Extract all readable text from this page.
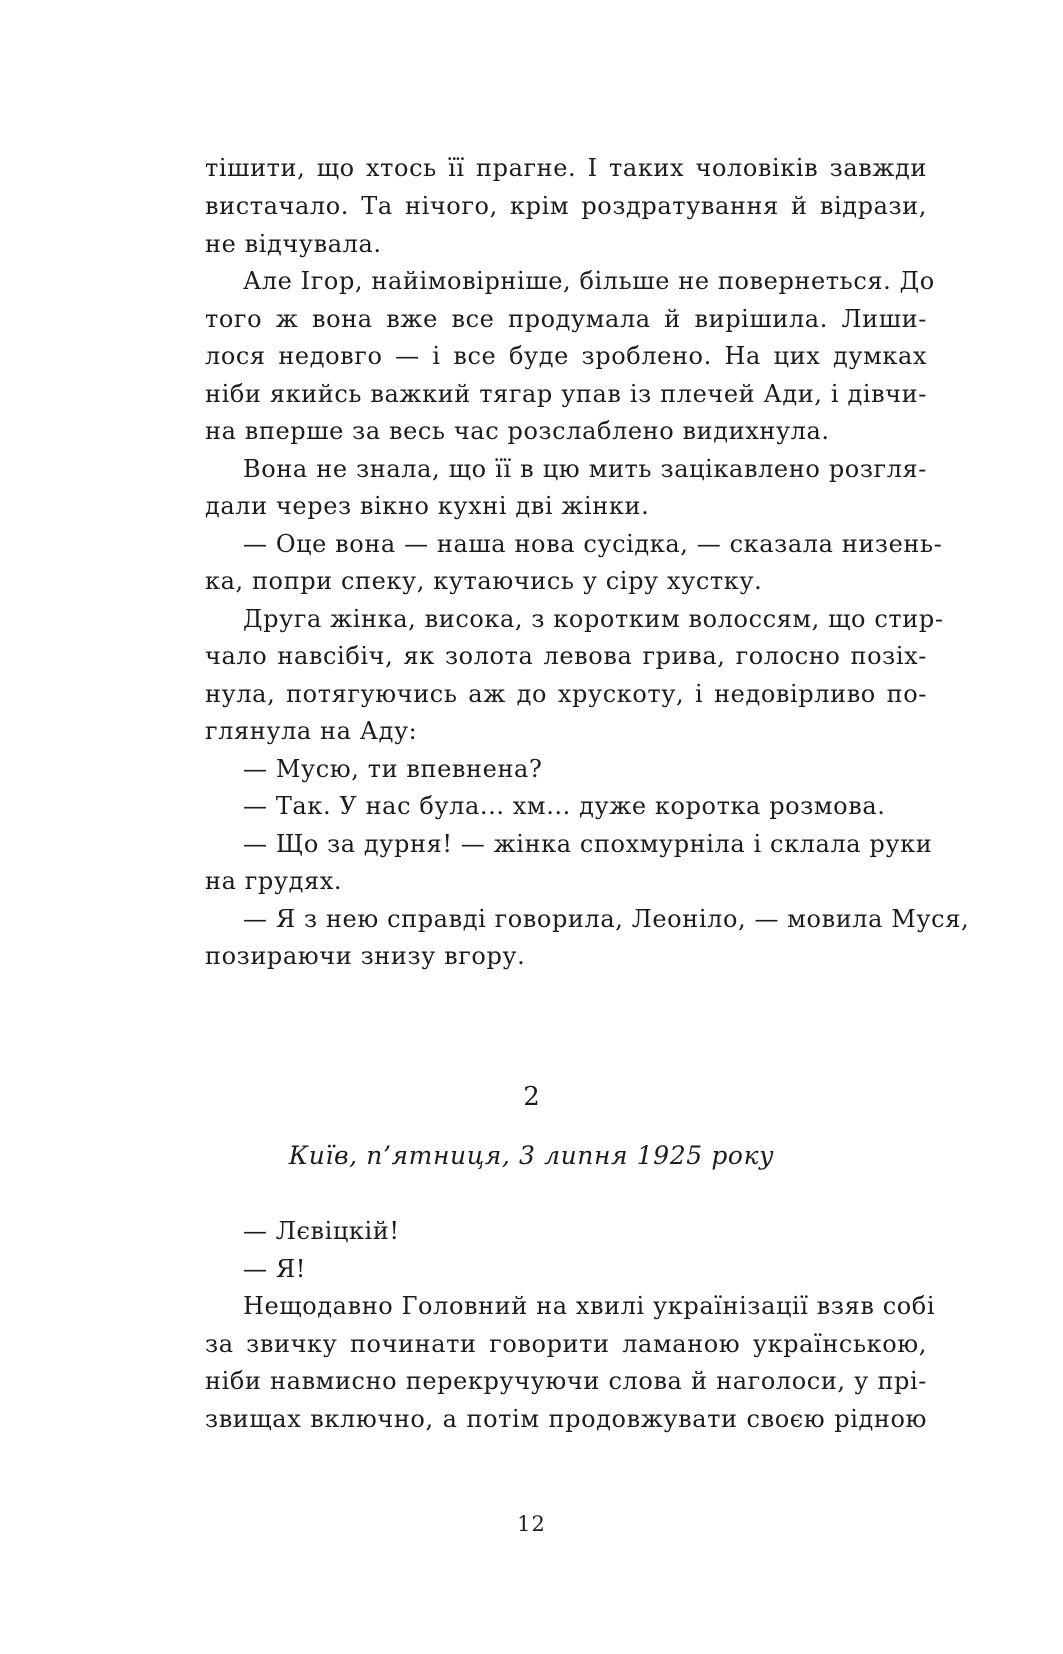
тішити, що хтось її прагне. І таких чоловіків завжди
вистачало. Та нічого, крім роздратування й відрази,
не відчувала.
Але Ігор, найімовірніше, більше не повернеться. До
того ж вона вже все продумала й вирішила. Лиши-
лося недовго — і все буде зроблено. На цих думках
ніби якийсь важкий тягар упав із плечей Ади, і дівчи-
на вперше за весь час розслаблено видихнула.
Вона не знала, що її в цю мить зацікавлено розгля-
дали через вікно кухні дві жінки.
— Оце вона — наша нова сусідка, — сказала низень-
ка, попри спеку, кутаючись у сіру хустку.
Друга жінка, висока, з коротким волоссям, що стир-
чало навсібіч, як золота левова грива, голосно позіх-
нула, потягуючись аж до хрускоту, і недовірливо по-
глянула на Аду:
— Мусю, ти впевнена?
— Так. У нас була... хм... дуже коротка розмова.
— Що за дурня! — жінка спохмурніла і склала руки
на грудях.
— Я з нею справді говорила, Леоніло, — мовила Муся,
позираючи знизу вгору.
2
Київ, п’ятниця, 3 липня 1925 року
— Лєвіцкій!
— Я!
Нещодавно Головний на хвилі українізації взяв собі
за звичку починати говорити ламаною українською,
ніби навмисно перекручуючи слова й наголоси, у прі-
звищах включно, а потім продовжувати своєю рідною
12
